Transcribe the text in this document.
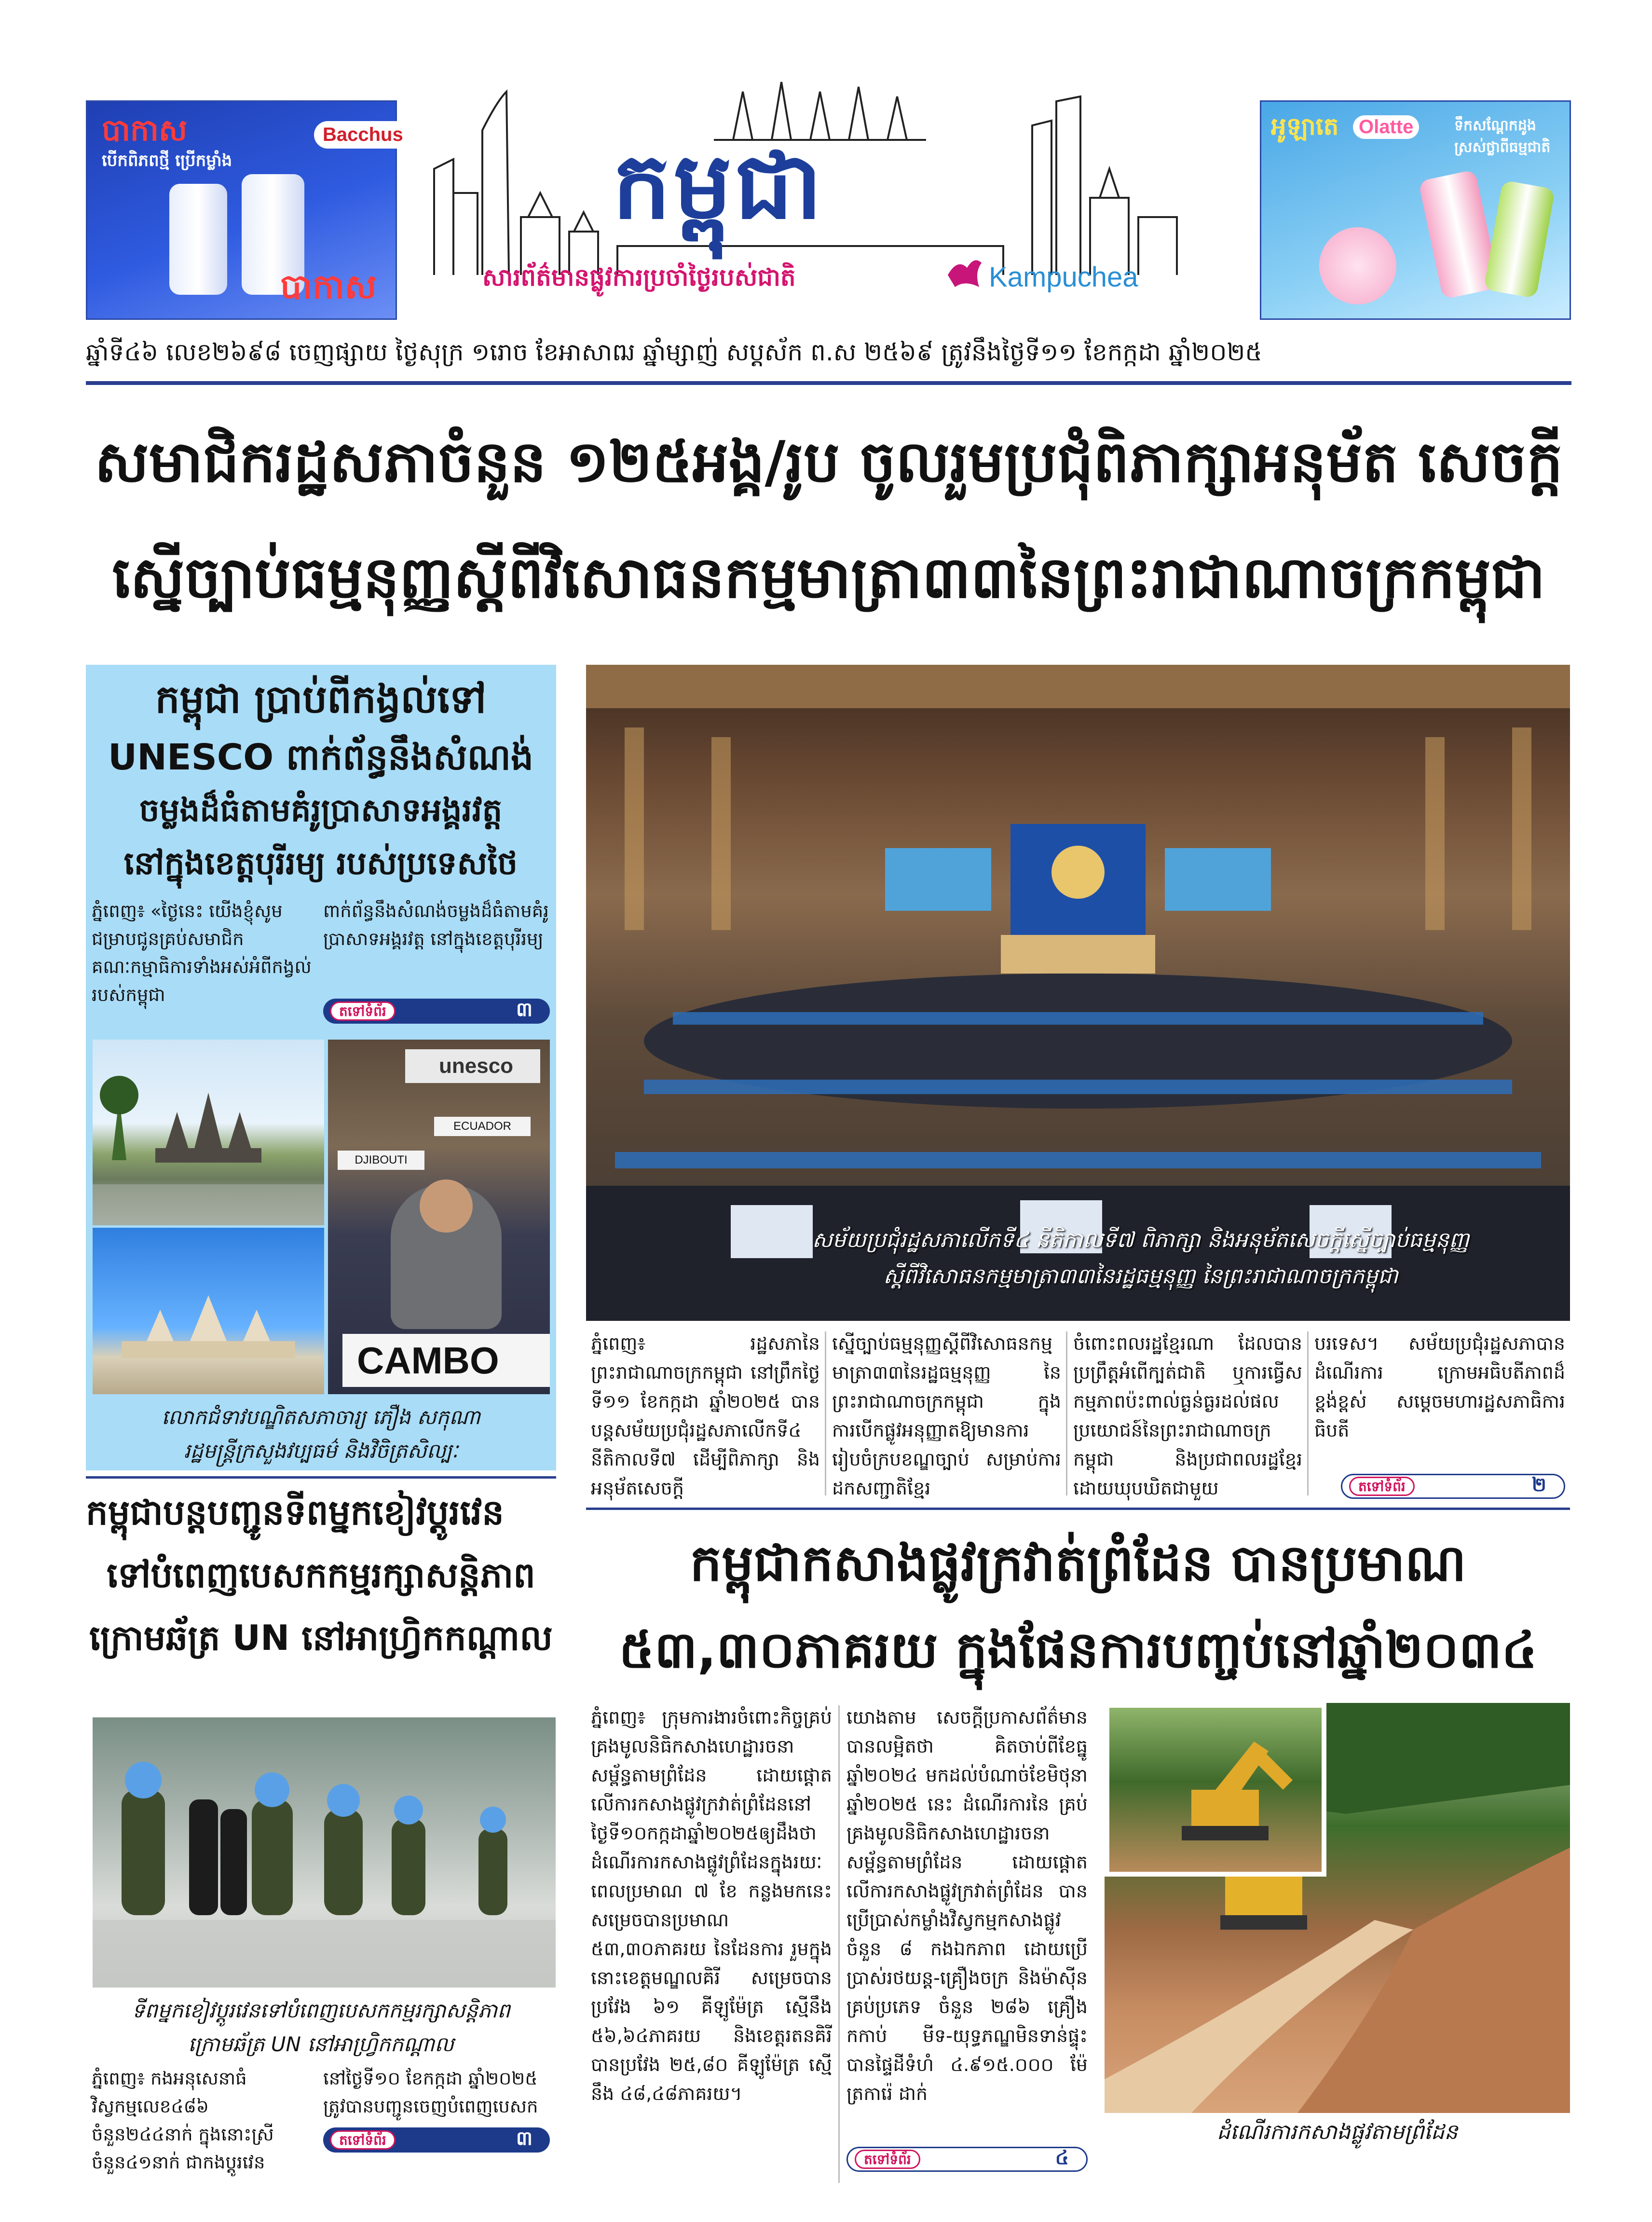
បាកាស
បើកពិភពថ្មី ប្រើកម្លាំង
Bacchus
បាកាស
កម្ពុជា
សារព័ត៌មានផ្លូវការប្រចាំថ្ងៃរបស់ជាតិ	Kampuchea
អូឡាតេ	Olatte	ទឹកសណ្ដែកដូង
ស្រស់ថ្លាពីធម្មជាតិ
ឆ្នាំទី៤៦ លេខ២៦៩៨ ចេញផ្សាយ ថ្ងៃសុក្រ ១រោច ខែអាសាឍ ឆ្នាំម្សាញ់ សប្តស័ក ព.ស ២៥៦៩ ត្រូវនឹងថ្ងៃទី១១ ខែកក្កដា ឆ្នាំ២០២៥
សមាជិករដ្ឋសភាចំនួន ១២៥អង្គ/រូប ចូលរួមប្រជុំពិភាក្សាអនុម័ត សេចក្តី
ស្នើច្បាប់ធម្មនុញ្ញស្តីពីវិសោធនកម្មមាត្រា៣៣នៃព្រះរាជាណាចក្រកម្ពុជា
កម្ពុជា ប្រាប់ពីកង្វល់ទៅ
UNESCO ពាក់ព័ន្ធនឹងសំណង់
ចម្លងដ៏ធំតាមគំរូប្រាសាទអង្គរវត្ត
នៅក្នុងខេត្តបុរីរម្យ របស់ប្រទេសថៃ
ភ្នំពេញ៖ «ថ្ងៃនេះ យើងខ្ញុំសូមជម្រាបជូនគ្រប់សមាជិកគណៈកម្មាធិការទាំងអស់អំពីកង្វល់របស់កម្ពុជា
ពាក់ព័ន្ធនឹងសំណង់ចម្លងដ៏ធំតាមគំរូប្រាសាទអង្គរវត្ត នៅក្នុងខេត្តបុរីរម្យ
តទៅទំព័រ	៣
unesco
DJIBOUTI
ECUADOR
CAMBO
លោកជំទាវបណ្ឌិតសភាចារ្យ ភឿង សកុណា
រដ្ឋមន្ត្រីក្រសួងវប្បធម៌ និងវិចិត្រសិល្បៈ
កម្ពុជាបន្តបញ្ជូនទីពម្នកខៀវប្តូរវេន
ទៅបំពេញបេសកកម្មរក្សាសន្តិភាព
ក្រោមឆ័ត្រ UN នៅអាហ្វ្រិកកណ្តាល
ទីពម្នកខៀវប្តូរវេនទៅបំពេញបេសកកម្មរក្សាសន្តិភាព
ក្រោមឆ័ត្រ UN នៅអាហ្វ្រិកកណ្តាល
ភ្នំពេញ៖ កងអនុសេនាធំវិស្វកម្មលេខ៤៨៦ ចំនួន២៤៤នាក់ ក្នុងនោះស្រីចំនួន៤១នាក់ ជាកងប្តូរវេន
នៅថ្ងៃទី១០ ខែកក្កដា ឆ្នាំ២០២៥ ត្រូវបានបញ្ជូនចេញបំពេញបេសក
តទៅទំព័រ	៣
សម័យប្រជុំរដ្ឋសភាលើកទី៤ នីតិកាលទី៧ ពិភាក្សា និងអនុម័តសេចក្តីស្នើច្បាប់ធម្មនុញ្ញ
ស្តីពីវិសោធនកម្មមាត្រា៣៣នៃរដ្ឋធម្មនុញ្ញ នៃព្រះរាជាណាចក្រកម្ពុជា
ភ្នំពេញ៖ រដ្ឋសភានៃព្រះរាជាណាចក្រកម្ពុជា នៅព្រឹកថ្ងៃ ទី១១ ខែកក្កដា ឆ្នាំ២០២៥ បានបន្តសម័យប្រជុំរដ្ឋសភាលើកទី៤ នីតិកាលទី៧ ដើម្បីពិភាក្សា និងអនុម័តសេចក្តី
ស្នើច្បាប់ធម្មនុញ្ញស្តីពីវិសោធនកម្មមាត្រា៣៣នៃរដ្ឋធម្មនុញ្ញ នៃព្រះរាជាណាចក្រកម្ពុជា ក្នុងការបើកផ្លូវអនុញ្ញាតឱ្យមានការរៀបចំក្របខណ្ឌច្បាប់ សម្រាប់ការដកសញ្ជាតិខ្មែរ
ចំពោះពលរដ្ឋខ្មែរណា ដែលបានប្រព្រឹត្តអំពើក្បត់ជាតិ ឬការធ្វើសកម្មភាពប៉ះពាល់ធ្ងន់ធ្ងរដល់ផលប្រយោជន៍នៃព្រះរាជាណាចក្រកម្ពុជា និងប្រជាពលរដ្ឋខ្មែរដោយឃុបឃិតជាមួយ
បរទេស។ សម័យប្រជុំរដ្ឋសភាបានដំណើរការ ក្រោមអធិបតីភាពដ៏ខ្ពង់ខ្ពស់ សម្តេចមហារដ្ឋសភាធិការធិបតី
តទៅទំព័រ	២
កម្ពុជាកសាងផ្លូវក្រវាត់ព្រំដែន បានប្រមាណ
៥៣,៣០ភាគរយ ក្នុងផែនការបញ្ចប់នៅឆ្នាំ២០៣៤
ភ្នំពេញ៖ ក្រុមការងារចំពោះកិច្ចគ្រប់គ្រងមូលនិធិកសាងហេដ្ឋារចនាសម្ព័ន្ធតាមព្រំដែន ដោយផ្តោតលើការកសាងផ្លូវក្រវាត់ព្រំដែននៅថ្ងៃទី១០កក្កដាឆ្នាំ២០២៥ឲ្យដឹងថា ដំណើរការកសាងផ្លូវព្រំដែនក្នុងរយៈពេលប្រមាណ ៧ ខែ កន្លងមកនេះសម្រេចបានប្រមាណ ៥៣,៣០ភាគរយ នៃដែនការ រួមក្នុងនោះខេត្តមណ្ឌលគិរី សម្រេចបានប្រវែង ៦១ គីឡូម៉ែត្រ ស្មើនឹង ៥៦,៦៤ភាគរយ និងខេត្តរតនគិរី បានប្រវែង ២៥,៨០ គីឡូម៉ែត្រ ស្មើនឹង ៤៨,៤៨ភាគរយ។
យោងតាម សេចក្តីប្រកាសព័ត៌មានបានលម្អិតថា គិតចាប់ពីខែធ្នូ ឆ្នាំ២០២៤ មកដល់បំណាច់ខែមិថុនា ឆ្នាំ២០២៥ នេះ ដំណើរការនៃ គ្រប់គ្រងមូលនិធិកសាងហេដ្ឋារចនាសម្ព័ន្ធតាមព្រំដែន ដោយផ្តោតលើការកសាងផ្លូវក្រវាត់ព្រំដែន បានប្រើប្រាស់កម្លាំងវិស្វកម្មកសាងផ្លូវចំនួន ៨ កងឯកភាព ដោយប្រើប្រាស់រថយន្ត-គ្រឿងចក្រ និងម៉ាស៊ីនគ្រប់ប្រភេទ ចំនួន ២៨៦ គ្រឿង កកាប់ មីទ-យុទ្ធភណ្ឌមិនទាន់ផ្ទុះ បានផ្ទៃដីទំហំ ៤.៩១៥.០០០ ម៉ែត្រការ៉េ ដាក់
តទៅទំព័រ	៤
ដំណើរការកសាងផ្លូវតាមព្រំដែន
